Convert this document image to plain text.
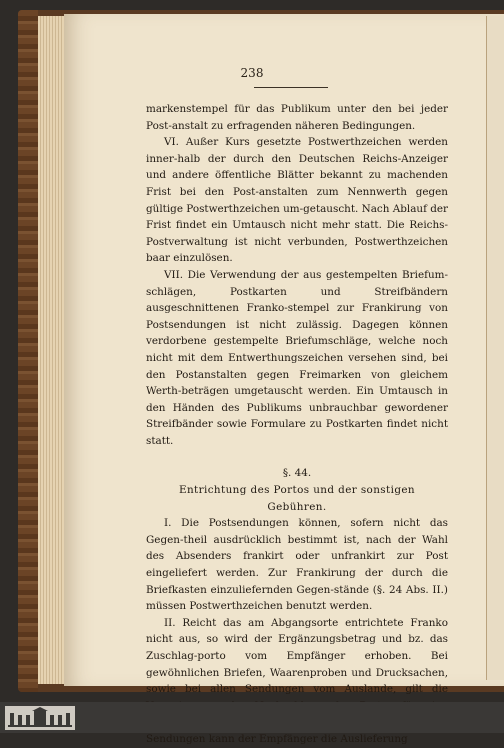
238

markenstempel für das Publikum unter den bei jeder Post-anstalt zu erfragenden näheren Bedingungen.

VI. Außer Kurs gesetzte Postwerthzeichen werden inner-halb der durch den Deutschen Reichs-Anzeiger und andere öffentliche Blätter bekannt zu machenden Frist bei den Post-anstalten zum Nennwerth gegen gültige Postwerthzeichen um-getauscht. Nach Ablauf der Frist findet ein Umtausch nicht mehr statt. Die Reichs-Postverwaltung ist nicht verbunden, Postwerthzeichen baar einzulösen.

VII. Die Verwendung der aus gestempelten Briefum-schlägen, Postkarten und Streifbändern ausgeschnittenen Franko-stempel zur Frankirung von Postsendungen ist nicht zulässig. Dagegen können verdorbene gestempelte Briefumschläge, welche noch nicht mit dem Entwerthungszeichen versehen sind, bei den Postanstalten gegen Freimarken von gleichem Werth-beträgen umgetauscht werden. Ein Umtausch in den Händen des Publikums unbrauchbar gewordener Streifbänder sowie Formulare zu Postkarten findet nicht statt.

§. 44.

Entrichtung des Portos und der sonstigen

Gebühren.

I. Die Postsendungen können, sofern nicht das Gegen-theil ausdrücklich bestimmt ist, nach der Wahl des Absenders frankirt oder unfrankirt zur Post eingeliefert werden. Zur Frankirung der durch die Briefkasten einzuliefernden Gegen-stände (§. 24 Abs. II.) müssen Postwerthzeichen benutzt werden.

II. Reicht das am Abgangsorte entrichtete Franko nicht aus, so wird der Ergänzungsbetrag und bz. das Zuschlag-porto vom Empfänger erhoben. Bei gewöhnlichen Briefen, Waarenproben und Drucksachen, sowie bei allen Sendungen vom Auslande, gilt die Sendungen kann der Empfänger die Auslieferung
